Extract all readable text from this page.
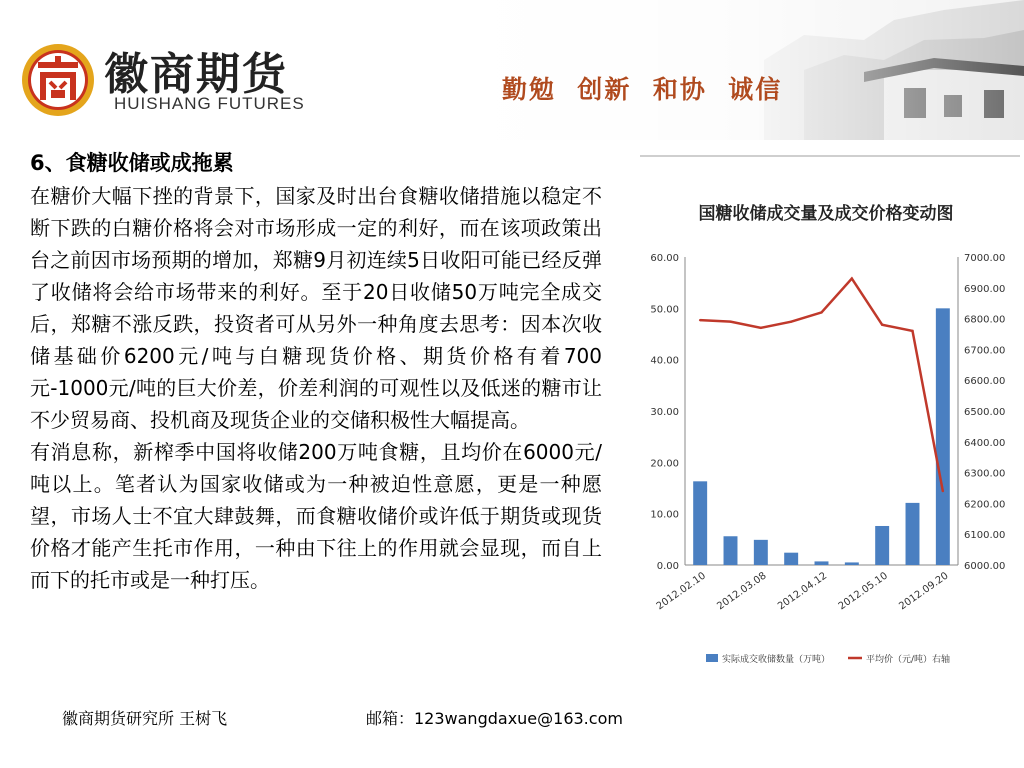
徽商期货
HUISHANG FUTURES	勤勉  创新  和协  诚信
6、食糖收储或成拖累

在糖价大幅下挫的背景下，国家及时出台食糖收储措施以稳定不断下跌的白糖价格将会对市场形成一定的利好，而在该项政策出台之前因市场预期的增加，郑糖9月初连续5日收阳可能已经反弹了收储将会给市场带来的利好。至于20日收储50万吨完全成交后，郑糖不涨反跌，投资者可从另外一种角度去思考：因本次收储基础价6200元/吨与白糖现货价格、期货价格有着700元-1000元/吨的巨大价差，价差利润的可观性以及低迷的糖市让不少贸易商、投机商及现货企业的交储积极性大幅提高。

有消息称，新榨季中国将收储200万吨食糖，且均价在6000元/吨以上。笔者认为国家收储或为一种被迫性意愿，更是一种愿望，市场人士不宜大肆鼓舞，而食糖收储价或许低于期货或现货价格才能产生托市作用，一种由下往上的作用就会显现，而自上而下的托市或是一种打压。

国糖收储成交量及成交价格变动图
0.00
10.00
20.00
30.00
40.00
50.00
60.00
6000.00
6100.00
6200.00
6300.00
6400.00
6500.00
6600.00
6700.00
6800.00
6900.00
7000.00
2012.02.10 2012.03.08 2012.04.12 2012.05.10 2012.09.20
实际成交收储数量（万吨）	平均价（元/吨）右轴
徽商期货研究所 王树飞	邮箱：123wangdaxue@163.com
